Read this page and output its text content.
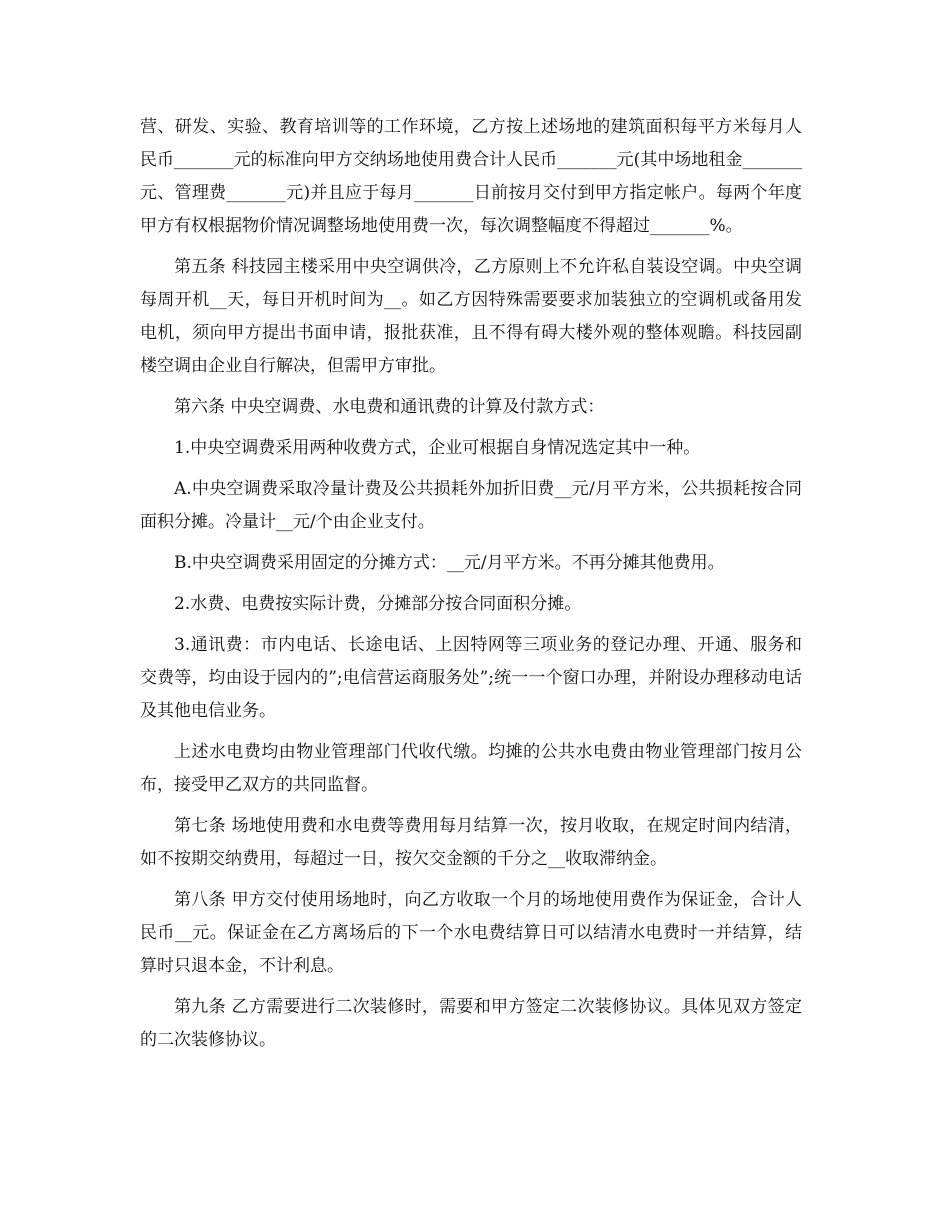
营、研发、实验、教育培训等的工作环境，乙方按上述场地的建筑面积每平方米每月人民币_______元的标准向甲方交纳场地使用费合计人民币_______元(其中场地租金_______元、管理费_______元)并且应于每月_______日前按月交付到甲方指定帐户。每两个年度甲方有权根据物价情况调整场地使用费一次，每次调整幅度不得超过_______%。

第五条 科技园主楼采用中央空调供冷，乙方原则上不允许私自装设空调。中央空调每周开机__天，每日开机时间为__。如乙方因特殊需要要求加装独立的空调机或备用发电机，须向甲方提出书面申请，报批获准，且不得有碍大楼外观的整体观瞻。科技园副楼空调由企业自行解决，但需甲方审批。

第六条 中央空调费、水电费和通讯费的计算及付款方式：

1.中央空调费采用两种收费方式，企业可根据自身情况选定其中一种。

A.中央空调费采取冷量计费及公共损耗外加折旧费__元/月平方米，公共损耗按合同面积分摊。冷量计__元/个由企业支付。

B.中央空调费采用固定的分摊方式：__元/月平方米。不再分摊其他费用。

2.水费、电费按实际计费，分摊部分按合同面积分摊。

3.通讯费：市内电话、长途电话、上因特网等三项业务的登记办理、开通、服务和交费等，均由设于园内的”;电信营运商服务处”;统一一个窗口办理，并附设办理移动电话及其他电信业务。

上述水电费均由物业管理部门代收代缴。均摊的公共水电费由物业管理部门按月公布，接受甲乙双方的共同监督。

第七条 场地使用费和水电费等费用每月结算一次，按月收取，在规定时间内结清，如不按期交纳费用，每超过一日，按欠交金额的千分之__收取滞纳金。

第八条 甲方交付使用场地时，向乙方收取一个月的场地使用费作为保证金，合计人民币__元。保证金在乙方离场后的下一个水电费结算日可以结清水电费时一并结算，结算时只退本金，不计利息。

第九条 乙方需要进行二次装修时，需要和甲方签定二次装修协议。具体见双方签定的二次装修协议。
